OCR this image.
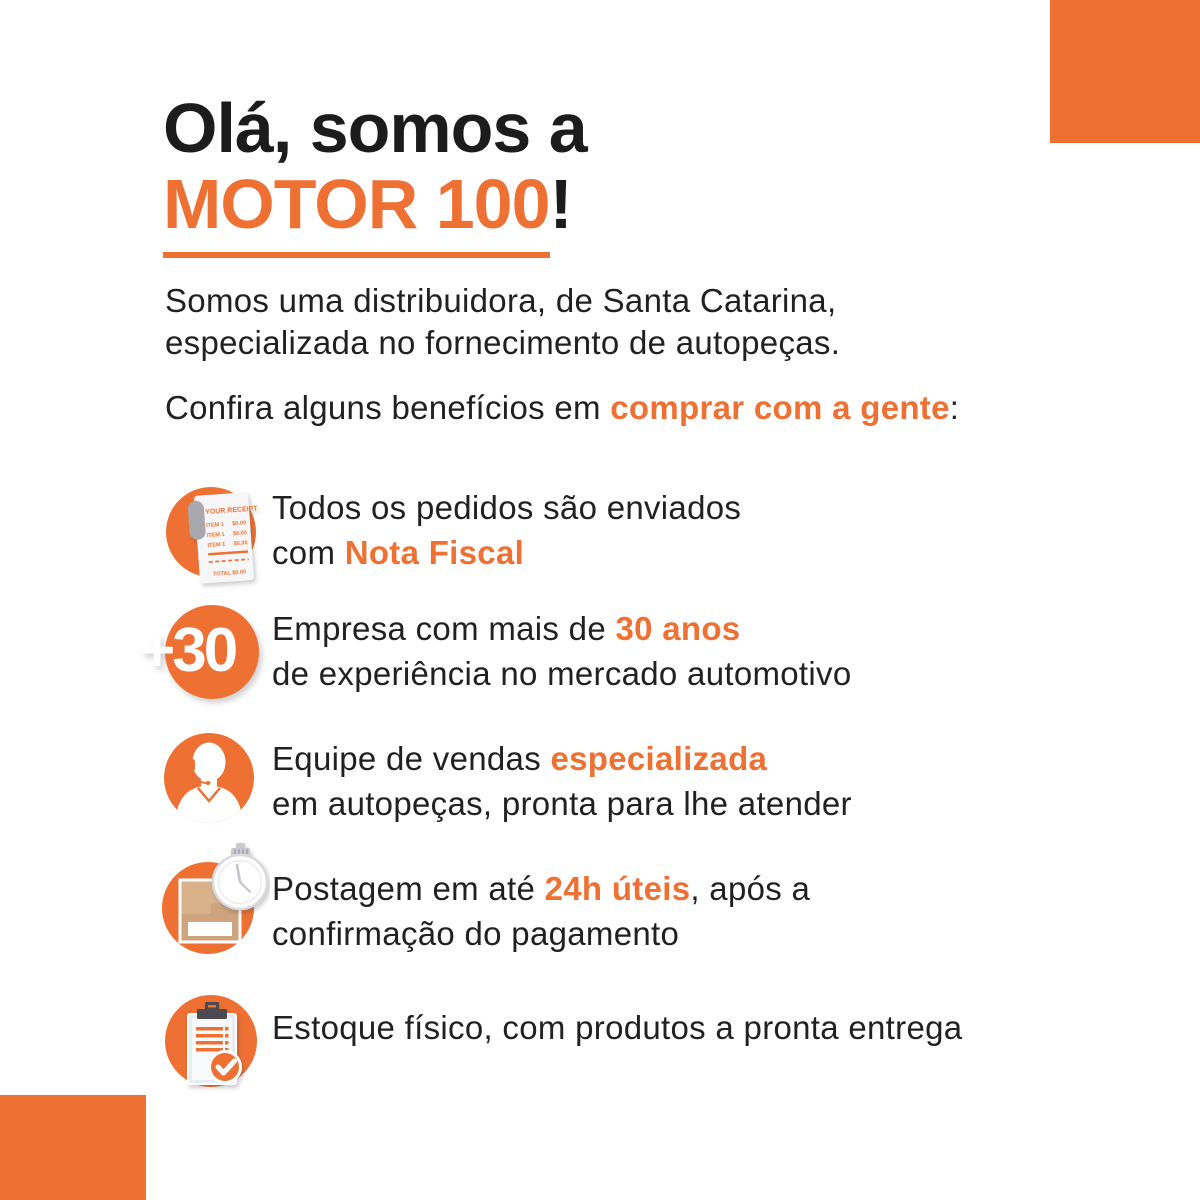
Olá, somos a
MOTOR 100!

Somos uma distribuidora, de Santa Catarina,
especializada no fornecimento de autopeças.

Confira alguns benefícios em comprar com a gente:

YOUR RECEIPT
ITEM 1 $0.00
ITEM 1 $0.00
ITEM 1 $0.00
TOTAL $0.00
Todos os pedidos são enviados
com Nota Fiscal
+30 Empresa com mais de 30 anos
de experiência no mercado automotivo
Equipe de vendas especializada
em autopeças, pronta para lhe atender
Postagem em até 24h úteis, após a
confirmação do pagamento
Estoque físico, com produtos a pronta entrega
